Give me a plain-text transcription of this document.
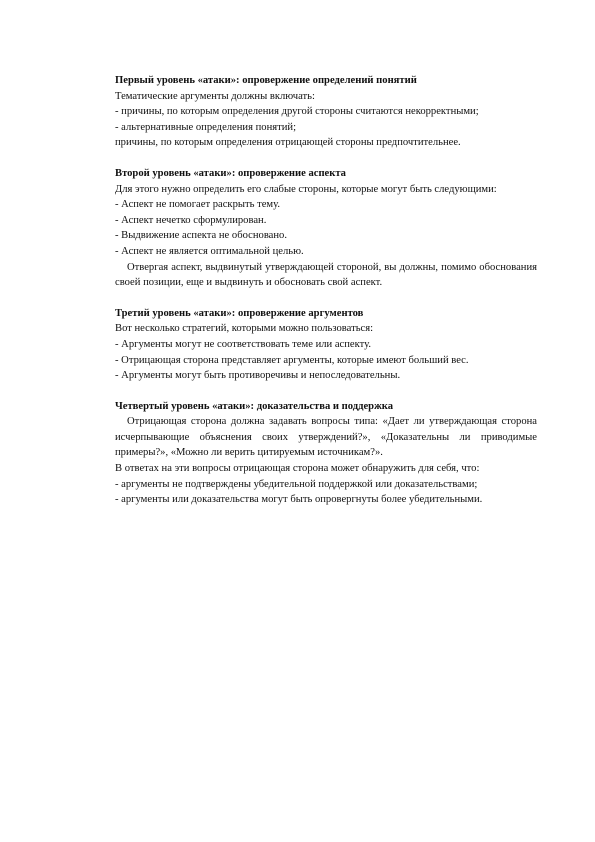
Первый уровень «атаки»: опровержение определений понятий

Тематические аргументы должны включать:

- причины, по которым определения другой стороны считаются некорректными;

- альтернативные определения понятий;

причины, по которым определения отрицающей стороны предпочтительнее.

Второй уровень «атаки»: опровержение аспекта

Для этого нужно определить его слабые стороны, которые могут быть следующими:

- Аспект не помогает раскрыть тему.

- Аспект нечетко сформулирован.

- Выдвижение аспекта не обосновано.

- Аспект не является оптимальной целью.

Отвергая аспект, выдвинутый утверждающей стороной, вы должны, помимо обоснования своей позиции, еще и выдвинуть и обосновать свой аспект.

Третий уровень «атаки»: опровержение аргументов

Вот несколько стратегий, которыми можно пользоваться:

- Аргументы могут не соответствовать теме или аспекту.

- Отрицающая сторона представляет аргументы, которые имеют больший вес.

- Аргументы могут быть противоречивы и непоследовательны.

Четвертый уровень «атаки»: доказательства и поддержка

Отрицающая сторона должна задавать вопросы типа: «Дает ли утверждающая сторона исчерпывающие объяснения своих утверждений?», «Доказательны ли приводимые примеры?», «Можно ли верить цитируемым источникам?».

В ответах на эти вопросы отрицающая сторона может обнаружить для себя, что:

- аргументы не подтверждены убедительной поддержкой или доказательствами;

- аргументы или доказательства могут быть опровергнуты более убедительными.
